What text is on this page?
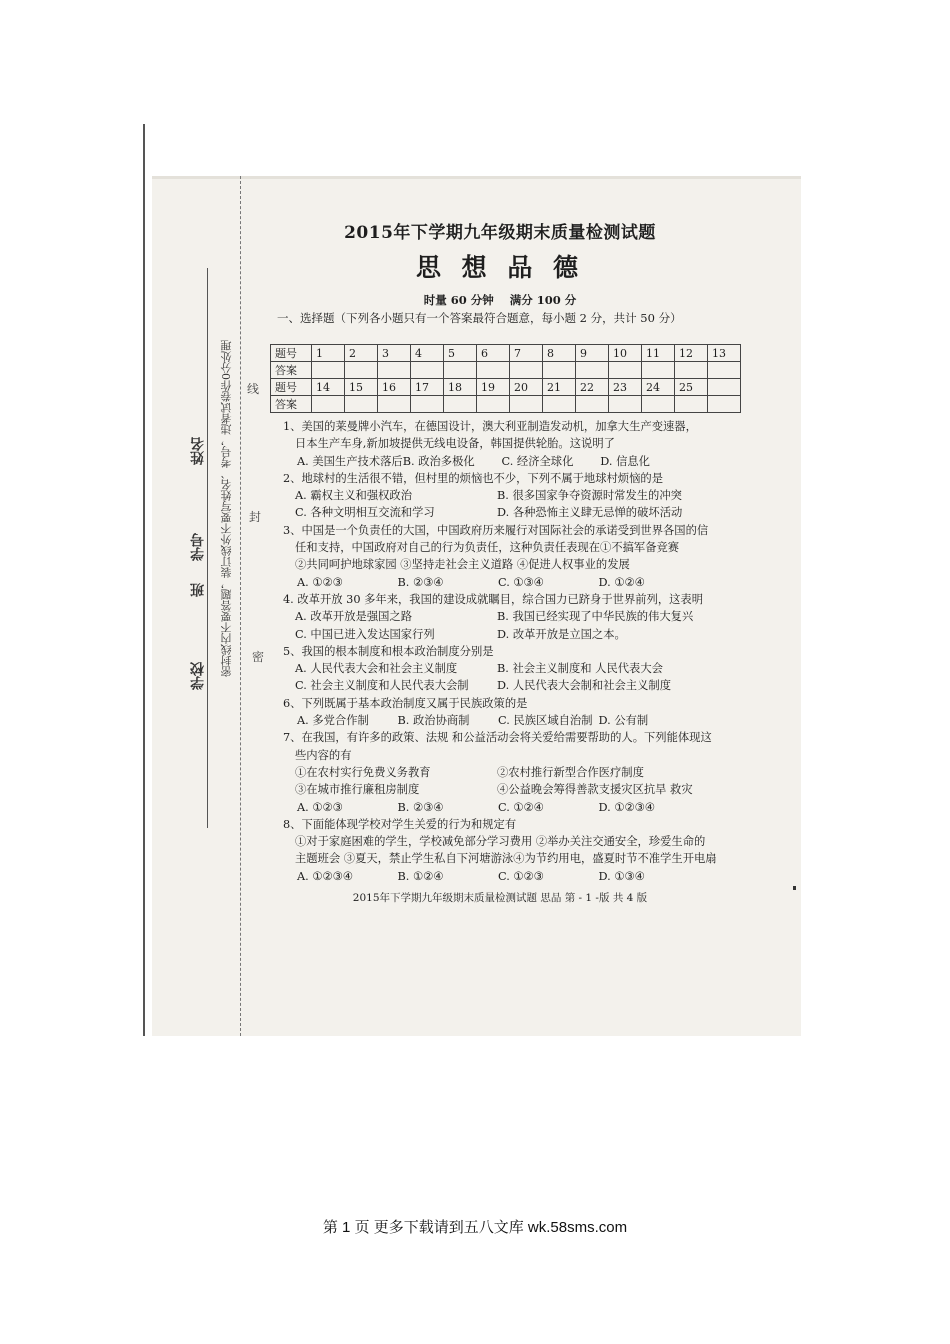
学校
班
学号
姓名 密封线内不要答题，装订线外不要写姓名、考号，违者试卷作0分处理 线
封
密
2015年下学期九年级期末质量检测试题
思 想 品 德
时量 60 分钟 满分 100 分
一、选择题（下列各小题只有一个答案最符合题意，每小题 2 分，共计 50 分）
题号	1	2	3	4	5	6	7	8	9	10	11	12	13
答案													
题号	14	15	16	17	18	19	20	21	22	23	24	25	
答案													
1、美国的莱曼牌小汽车，在德国设计，澳大利亚制造发动机，加拿大生产变速器，
日本生产车身,新加坡提供无线电设备，韩国提供轮胎。这说明了
A. 美国生产技术落后 B. 政治多极化	C. 经济全球化	D. 信息化
2、地球村的生活很不错，但村里的烦恼也不少，下列不属于地球村烦恼的是
A. 霸权主义和强权政治	B. 很多国家争夺资源时常发生的冲突
C. 各种文明相互交流和学习	D. 各种恐怖主义肆无忌惮的破坏活动
3、中国是一个负责任的大国，中国政府历来履行对国际社会的承诺受到世界各国的信
任和支持，中国政府对自己的行为负责任，这种负责任表现在①不搞军备竞赛
②共同呵护地球家园 ③坚持走社会主义道路 ④促进人权事业的发展
A. ①②③	B. ②③④	C. ①③④	D. ①②④
4. 改革开放 30 多年来，我国的建设成就瞩目，综合国力已跻身于世界前列，这表明
A. 改革开放是强国之路	B. 我国已经实现了中华民族的伟大复兴
C. 中国已进入发达国家行列	D. 改革开放是立国之本。
5、我国的根本制度和根本政治制度分别是
A. 人民代表大会和社会主义制度	B. 社会主义制度和 人民代表大会
C. 社会主义制度和人民代表大会制	D. 人民代表大会制和社会主义制度
6、下列既属于基本政治制度又属于民族政策的是
A. 多党合作制	B. 政治协商制	C. 民族区域自治制 D. 公有制
7、在我国，有许多的政策、法规 和公益活动会将关爱给需要帮助的人。下列能体现这
些内容的有
①在农村实行免费义务教育	②农村推行新型合作医疗制度
③在城市推行廉租房制度	④公益晚会筹得善款支援灾区抗旱 救灾
A. ①②③	B. ②③④	C. ①②④	D. ①②③④
8、下面能体现学校对学生关爱的行为和规定有
①对于家庭困难的学生，学校减免部分学习费用 ②举办关注交通安全，珍爱生命的
主题班会 ③夏天，禁止学生私自下河塘游泳④为节约用电，盛夏时节不准学生开电扇
A. ①②③④	B. ①②④	C. ①②③	D. ①③④
2015年下学期九年级期末质量检测试题 思品 第 - 1 -版 共 4 版
第 1 页 更多下载请到五八文库 wk.58sms.com
